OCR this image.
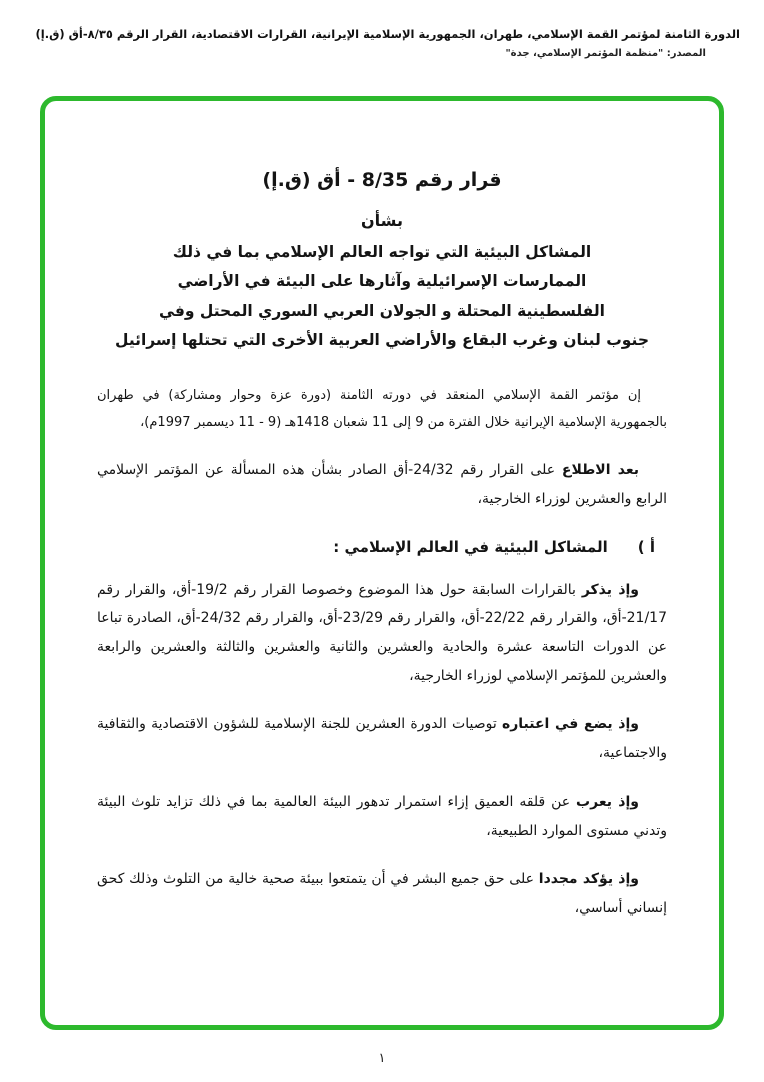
الدورة الثامنة لمؤتمر القمة الإسلامي، طهران، الجمهورية الإسلامية الإيرانية، القرارات الاقتصادية، القرار الرقم ٨/٣٥-أق (ق.إ)
المصدر: "منظمة المؤتمر الإسلامي، جدة"
قرار رقم 8/35 - أق (ق.إ)
بشأن
المشاكل البيئية التي تواجه العالم الإسلامي بما في ذلك
الممارسات الإسرائيلية وآثارها على البيئة في الأراضي
الفلسطينية المحتلة و الجولان العربي السوري المحتل وفي
جنوب لبنان وغرب البقاع والأراضي العربية الأخرى التي تحتلها إسرائيل

إن مؤتمر القمة الإسلامي المنعقد في دورته الثامنة (دورة عزة وحوار ومشاركة) في طهران بالجمهورية الإسلامية الإيرانية خلال الفترة من 9 إلى 11 شعبان 1418هـ (9 - 11 ديسمبر 1997م)،

بعد الاطلاع على القرار رقم 24/32-أق الصادر بشأن هذه المسألة عن المؤتمر الإسلامي الرابع والعشرين لوزراء الخارجية،

أ )المشاكل البيئية في العالم الإسلامي :

وإذ يذكر بالقرارات السابقة حول هذا الموضوع وخصوصا القرار رقم 19/2-أق، والقرار رقم 21/17-أق، والقرار رقم 22/22-أق، والقرار رقم 23/29-أق، والقرار رقم 24/32-أق، الصادرة تباعا عن الدورات التاسعة عشرة والحادية والعشرين والثانية والعشرين والثالثة والعشرين والرابعة والعشرين للمؤتمر الإسلامي لوزراء الخارجية،

وإذ يضع في اعتباره توصيات الدورة العشرين للجنة الإسلامية للشؤون الاقتصادية والثقافية والاجتماعية،

وإذ يعرب عن قلقه العميق إزاء استمرار تدهور البيئة العالمية بما في ذلك تزايد تلوث البيئة وتدني مستوى الموارد الطبيعية،

وإذ يؤكد مجددا على حق جميع البشر في أن يتمتعوا ببيئة صحية خالية من التلوث وذلك كحق إنساني أساسي،

١
